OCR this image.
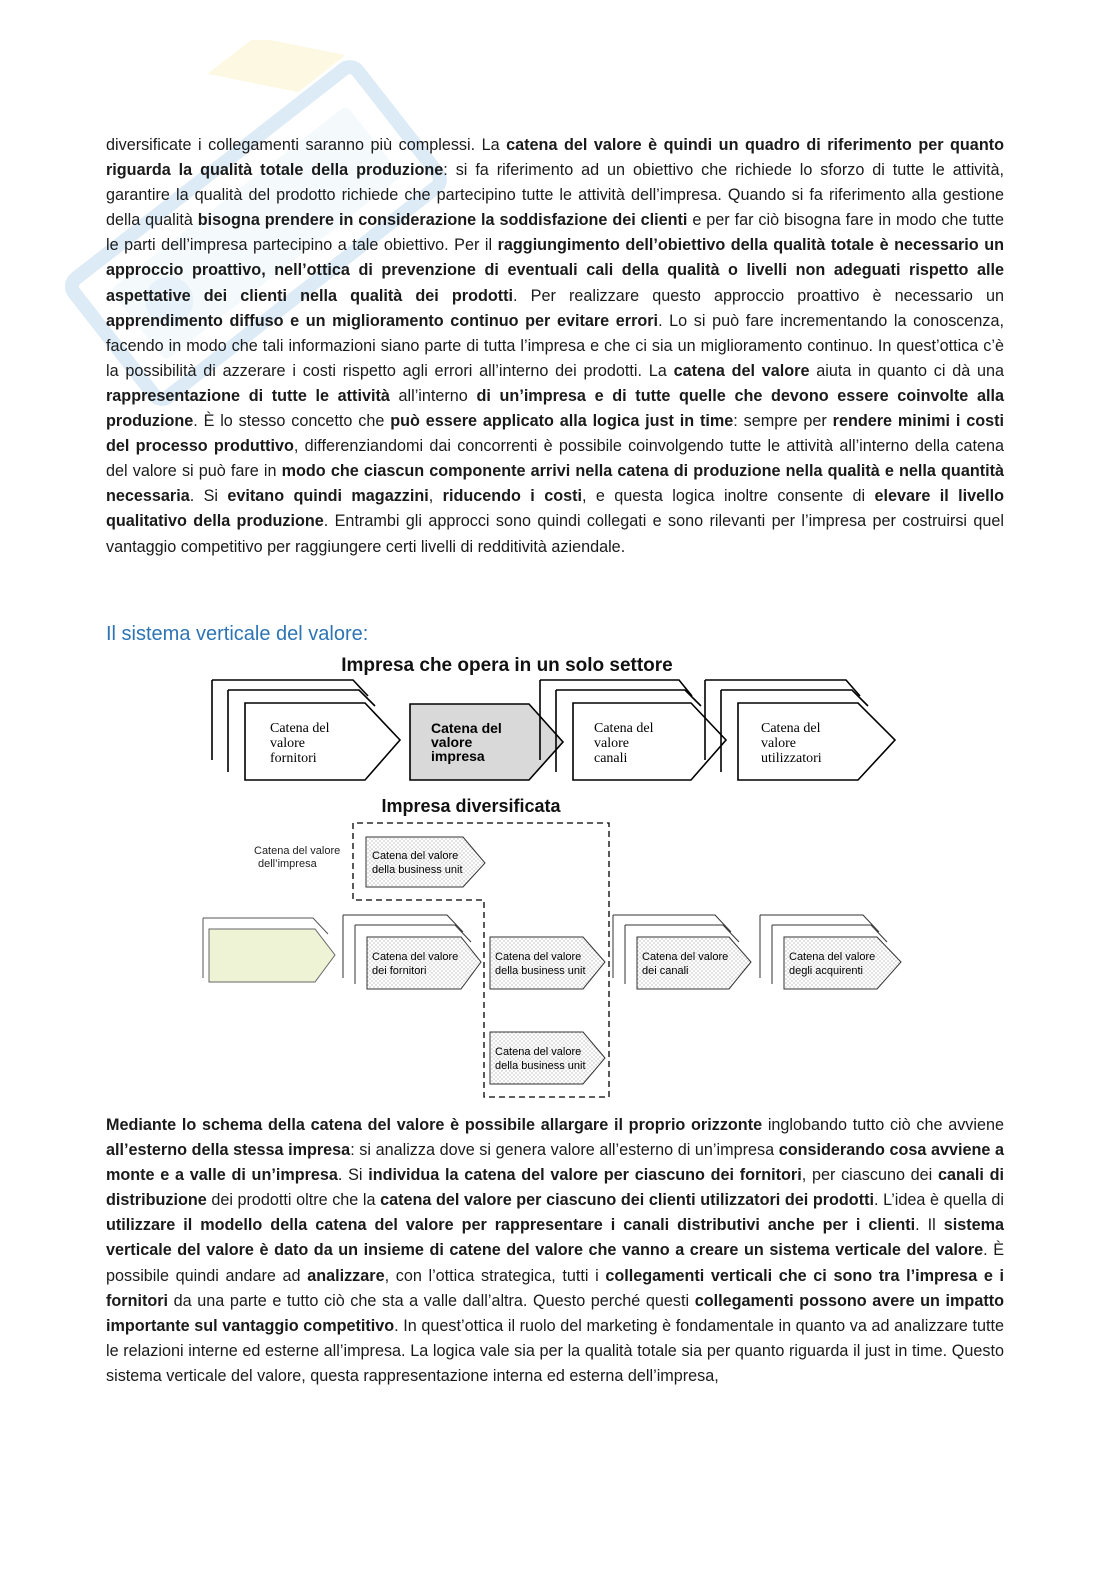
diversificate i collegamenti saranno più complessi. La catena del valore è quindi un quadro di riferimento per quanto riguarda la qualità totale della produzione: si fa riferimento ad un obiettivo che richiede lo sforzo di tutte le attività, garantire la qualità del prodotto richiede che partecipino tutte le attività dell’impresa. Quando si fa riferimento alla gestione della qualità bisogna prendere in considerazione la soddisfazione dei clienti e per far ciò bisogna fare in modo che tutte le parti dell’impresa partecipino a tale obiettivo. Per il raggiungimento dell’obiettivo della qualità totale è necessario un approccio proattivo, nell’ottica di prevenzione di eventuali cali della qualità o livelli non adeguati rispetto alle aspettative dei clienti nella qualità dei prodotti. Per realizzare questo approccio proattivo è necessario un apprendimento diffuso e un miglioramento continuo per evitare errori. Lo si può fare incrementando la conoscenza, facendo in modo che tali informazioni siano parte di tutta l’impresa e che ci sia un miglioramento continuo. In quest’ottica c’è la possibilità di azzerare i costi rispetto agli errori all’interno dei prodotti. La catena del valore aiuta in quanto ci dà una rappresentazione di tutte le attività all’interno di un’impresa e di tutte quelle che devono essere coinvolte alla produzione. È lo stesso concetto che può essere applicato alla logica just in time: sempre per rendere minimi i costi del processo produttivo, differenziandomi dai concorrenti è possibile coinvolgendo tutte le attività all’interno della catena del valore si può fare in modo che ciascun componente arrivi nella catena di produzione nella qualità e nella quantità necessaria. Si evitano quindi magazzini, riducendo i costi, e questa logica inoltre consente di elevare il livello qualitativo della produzione. Entrambi gli approcci sono quindi collegati e sono rilevanti per l’impresa per costruirsi quel vantaggio competitivo per raggiungere certi livelli di redditività aziendale.
Il sistema verticale del valore:
Impresa che opera in un solo settore
Catena del
valore
fornitori
Catena del
valore
impresa
Catena del
valore
canali
Catena del
valore
utilizzatori
Impresa diversificata
Catena del valore
dell’impresa
Catena del valore
della business unit
Catena del valore
dei fornitori
Catena del valore
della business unit
Catena del valore
dei canali
Catena del valore
degli acquirenti
Catena del valore
della business unit
Mediante lo schema della catena del valore è possibile allargare il proprio orizzonte inglobando tutto ciò che avviene all’esterno della stessa impresa: si analizza dove si genera valore all’esterno di un’impresa considerando cosa avviene a monte e a valle di un’impresa. Si individua la catena del valore per ciascuno dei fornitori, per ciascuno dei canali di distribuzione dei prodotti oltre che la catena del valore per ciascuno dei clienti utilizzatori dei prodotti. L’idea è quella di utilizzare il modello della catena del valore per rappresentare i canali distributivi anche per i clienti. Il sistema verticale del valore è dato da un insieme di catene del valore che vanno a creare un sistema verticale del valore. È possibile quindi andare ad analizzare, con l’ottica strategica, tutti i collegamenti verticali che ci sono tra l’impresa e i fornitori da una parte e tutto ciò che sta a valle dall’altra. Questo perché questi collegamenti possono avere un impatto importante sul vantaggio competitivo. In quest’ottica il ruolo del marketing è fondamentale in quanto va ad analizzare tutte le relazioni interne ed esterne all’impresa. La logica vale sia per la qualità totale sia per quanto riguarda il just in time. Questo sistema verticale del valore, questa rappresentazione interna ed esterna dell’impresa,
